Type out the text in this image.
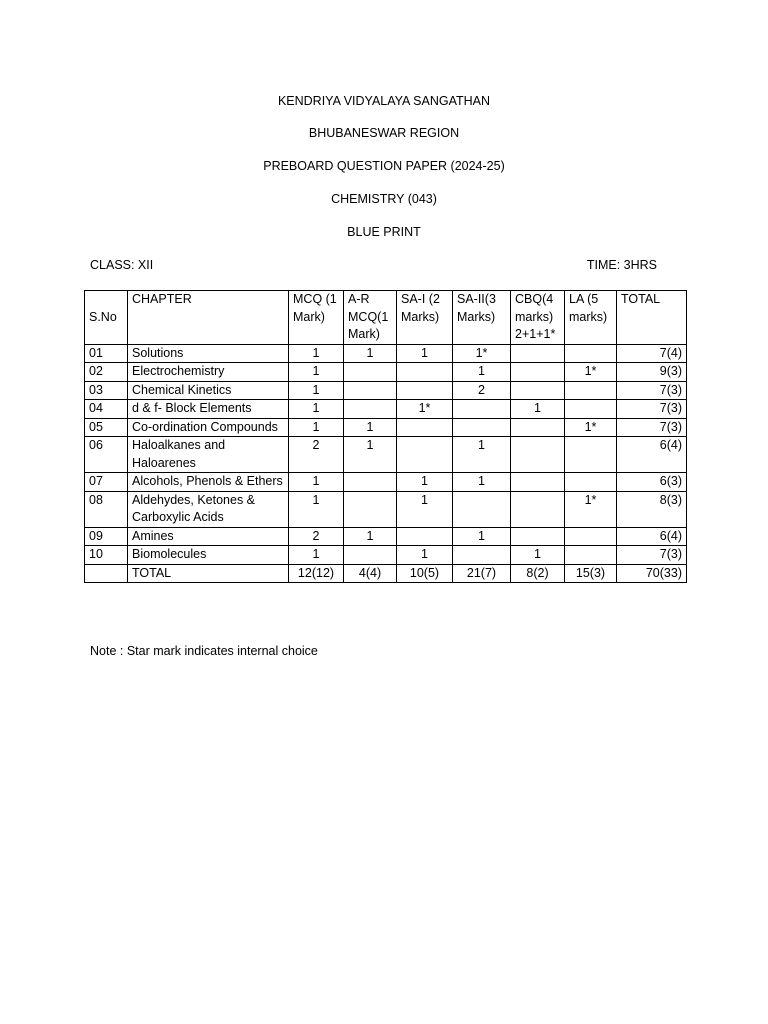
KENDRIYA VIDYALAYA SANGATHAN
BHUBANESWAR REGION
PREBOARD QUESTION PAPER (2024-25)
CHEMISTRY (043)
BLUE PRINT
CLASS: XII	TIME: 3HRS
S.No	CHAPTER	MCQ (1 Mark)	A-R MCQ(1 Mark)	SA-I (2 Marks)	SA-II(3 Marks)	CBQ(4 marks) 2+1+1*	LA (5 marks)	TOTAL
01	Solutions	1	1	1	1*			7(4)
02	Electrochemistry	1			1		1*	9(3)
03	Chemical Kinetics	1			2			7(3)
04	d & f- Block Elements	1		1*		1		7(3)
05	Co-ordination Compounds	1	1				1*	7(3)
06	Haloalkanes and Haloarenes	2	1		1			6(4)
07	Alcohols, Phenols & Ethers	1		1	1			6(3)
08	Aldehydes, Ketones & Carboxylic Acids	1		1			1*	8(3)
09	Amines	2	1		1			6(4)
10	Biomolecules	1		1		1		7(3)
	TOTAL	12(12)	4(4)	10(5)	21(7)	8(2)	15(3)	70(33)
Note : Star mark indicates internal choice
